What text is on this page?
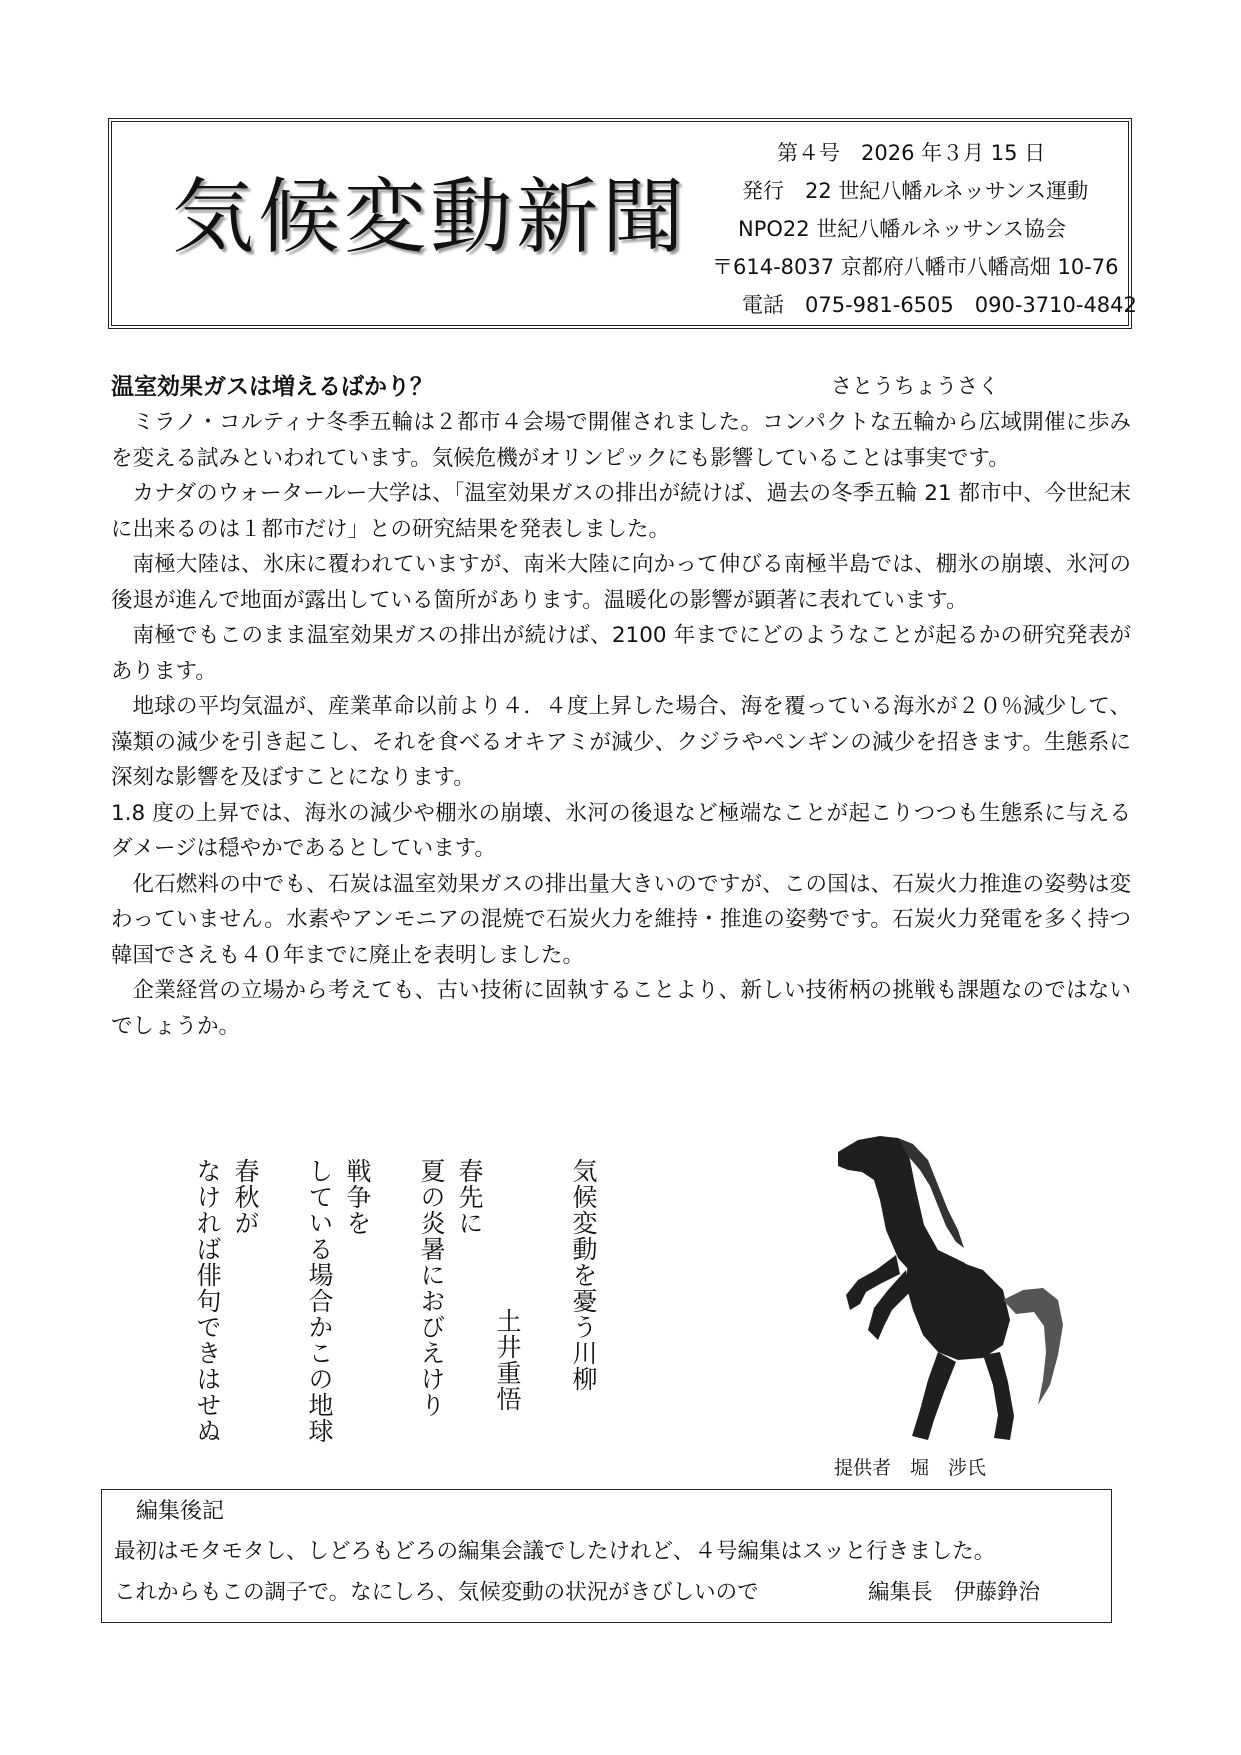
気候変動新聞
第４号　2026 年３月 15 日
発行　22 世紀八幡ルネッサンス運動
NPO22 世紀八幡ルネッサンス協会
〒614-8037 京都府八幡市八幡高畑 10-76
電話　075-981-6505　090-3710-4842
温室効果ガスは増えるばかり？	さとうちょうさく

ミラノ・コルティナ冬季五輪は２都市４会場で開催されました。コンパクトな五輪から広域開催に歩みを変える試みといわれています。気候危機がオリンピックにも影響していることは事実です。

カナダのウォータールー大学は、「温室効果ガスの排出が続けば、過去の冬季五輪 21 都市中、今世紀末に出来るのは１都市だけ」との研究結果を発表しました。

南極大陸は、氷床に覆われていますが、南米大陸に向かって伸びる南極半島では、棚氷の崩壊、氷河の後退が進んで地面が露出している箇所があります。温暖化の影響が顕著に表れています。

南極でもこのまま温室効果ガスの排出が続けば、2100 年までにどのようなことが起るかの研究発表があります。

地球の平均気温が、産業革命以前より４．４度上昇した場合、海を覆っている海氷が２０％減少して、藻類の減少を引き起こし、それを食べるオキアミが減少、クジラやペンギンの減少を招きます。生態系に深刻な影響を及ぼすことになります。

1.8 度の上昇では、海氷の減少や棚氷の崩壊、氷河の後退など極端なことが起こりつつも生態系に与えるダメージは穏やかであるとしています。

化石燃料の中でも、石炭は温室効果ガスの排出量大きいのですが、この国は、石炭火力推進の姿勢は変わっていません。水素やアンモニアの混焼で石炭火力を維持・推進の姿勢です。石炭火力発電を多く持つ韓国でさえも４０年までに廃止を表明しました。

企業経営の立場から考えても、古い技術に固執することより、新しい技術柄の挑戦も課題なのではないでしょうか。

気候変動を憂う川柳
土井重悟
春先に
夏の炎暑におびえけり
戦争を
している場合かこの地球
春秋が
なければ俳句できはせぬ
提供者　堀　涉氏
編集後記
最初はモタモタし、しどろもどろの編集会議でしたけれど、４号編集はスッと行きました。
これからもこの調子で。なにしろ、気候変動の状況がきびしいので	編集長　伊藤錚治
